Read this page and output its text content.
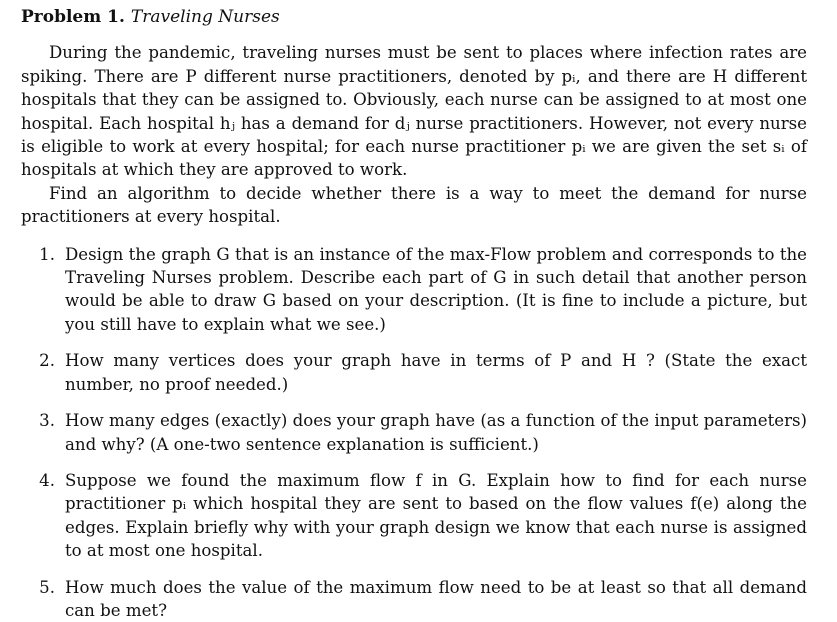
Problem 1. Traveling Nurses

During the pandemic, traveling nurses must be sent to places where infection rates are spiking. There are P different nurse practitioners, denoted by pᵢ, and there are H different hospitals that they can be assigned to. Obviously, each nurse can be assigned to at most one hospital. Each hospital hⱼ has a demand for dⱼ nurse practitioners. However, not every nurse is eligible to work at every hospital; for each nurse practitioner pᵢ we are given the set sᵢ of hospitals at which they are approved to work.

Find an algorithm to decide whether there is a way to meet the demand for nurse practitioners at every hospital.

1. Design the graph G that is an instance of the max-Flow problem and corresponds to the Traveling Nurses problem. Describe each part of G in such detail that another person would be able to draw G based on your description. (It is fine to include a picture, but you still have to explain what we see.)
2. How many vertices does your graph have in terms of P and H ? (State the exact number, no proof needed.)
3. How many edges (exactly) does your graph have (as a function of the input parameters) and why? (A one-two sentence explanation is sufficient.)
4. Suppose we found the maximum flow f in G. Explain how to find for each nurse practitioner pᵢ which hospital they are sent to based on the flow values f(e) along the edges. Explain briefly why with your graph design we know that each nurse is assigned to at most one hospital.
5. How much does the value of the maximum flow need to be at least so that all demand can be met?
